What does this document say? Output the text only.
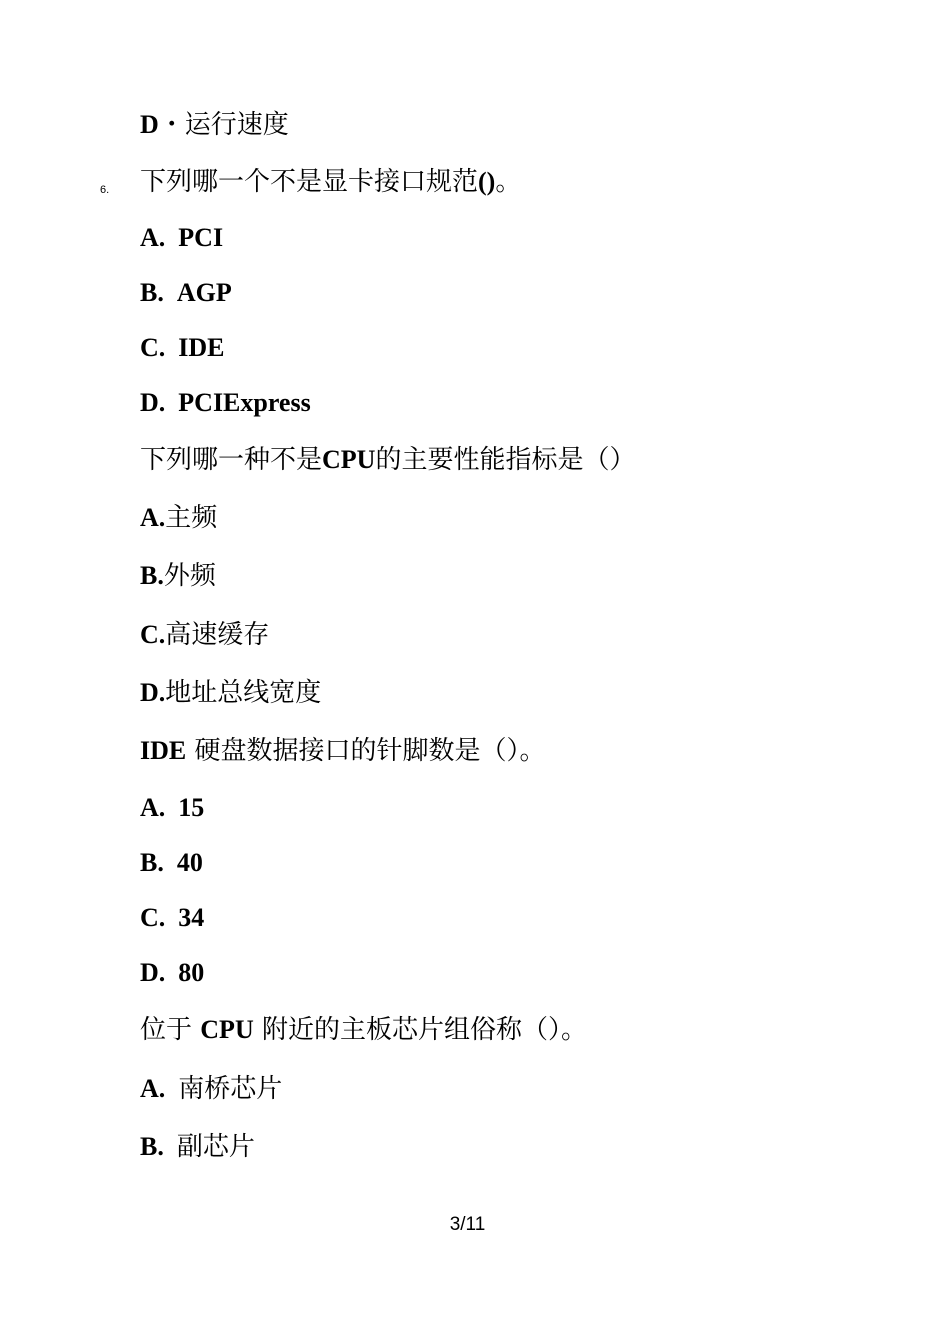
D・运行速度
6. 下列哪一个不是显卡接口规范()。
A. PCI
B. AGP
C. IDE
D. PCIExpress
下列哪一种不是CPU的主要性能指标是（）
A.主频
B.外频
C.高速缓存
D.地址总线宽度
IDE 硬盘数据接口的针脚数是（）。
A. 15
B. 40
C. 34
D. 80
位于 CPU 附近的主板芯片组俗称（）。
A. 南桥芯片
B. 副芯片
3/11
